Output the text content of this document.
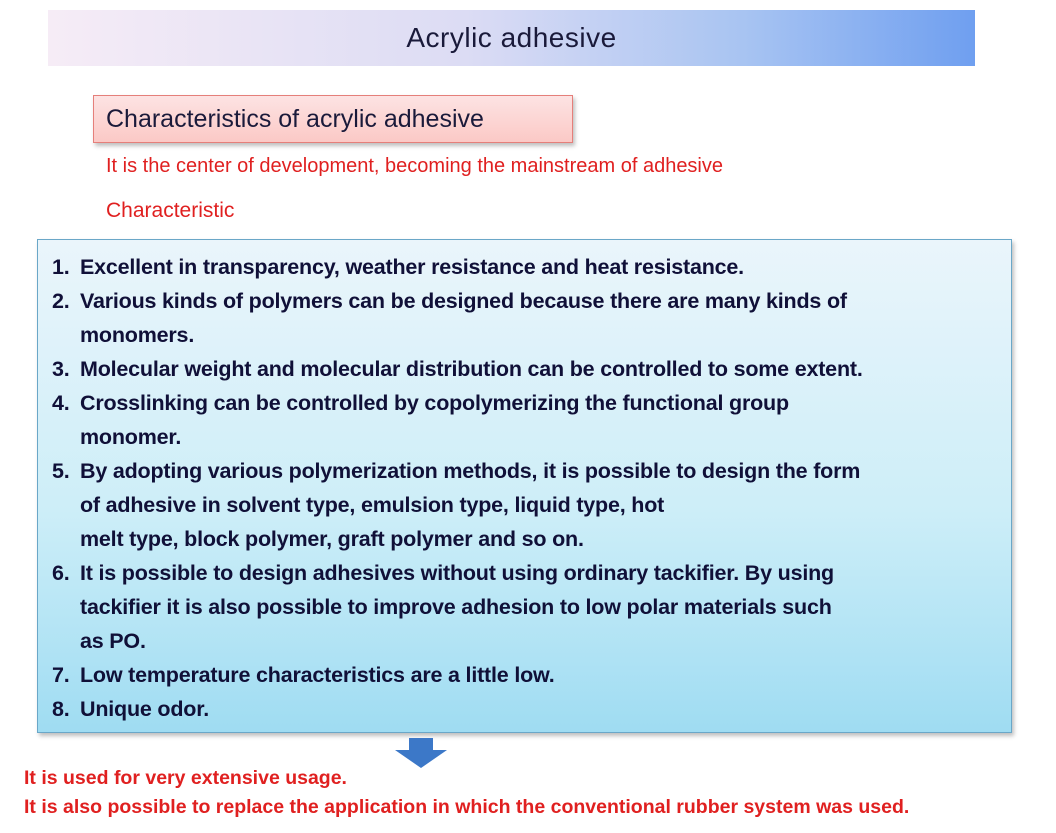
Acrylic adhesive
Characteristics of acrylic adhesive
It is the center of development, becoming the mainstream of adhesive
Characteristic
1. Excellent in transparency, weather resistance and heat resistance.
2. Various kinds of polymers can be designed because there are many kinds of
monomers.
3. Molecular weight and molecular distribution can be controlled to some extent.
4. Crosslinking can be controlled by copolymerizing the functional group
monomer.
5. By adopting various polymerization methods, it is possible to design the form
of adhesive in solvent type, emulsion type, liquid type, hot
melt type, block polymer, graft polymer and so on.
6. It is possible to design adhesives without using ordinary tackifier. By using
tackifier it is also possible to improve adhesion to low polar materials such
as PO.
7. Low temperature characteristics are a little low.
8. Unique odor.
It is used for very extensive usage.
It is also possible to replace the application in which the conventional rubber system was used.
